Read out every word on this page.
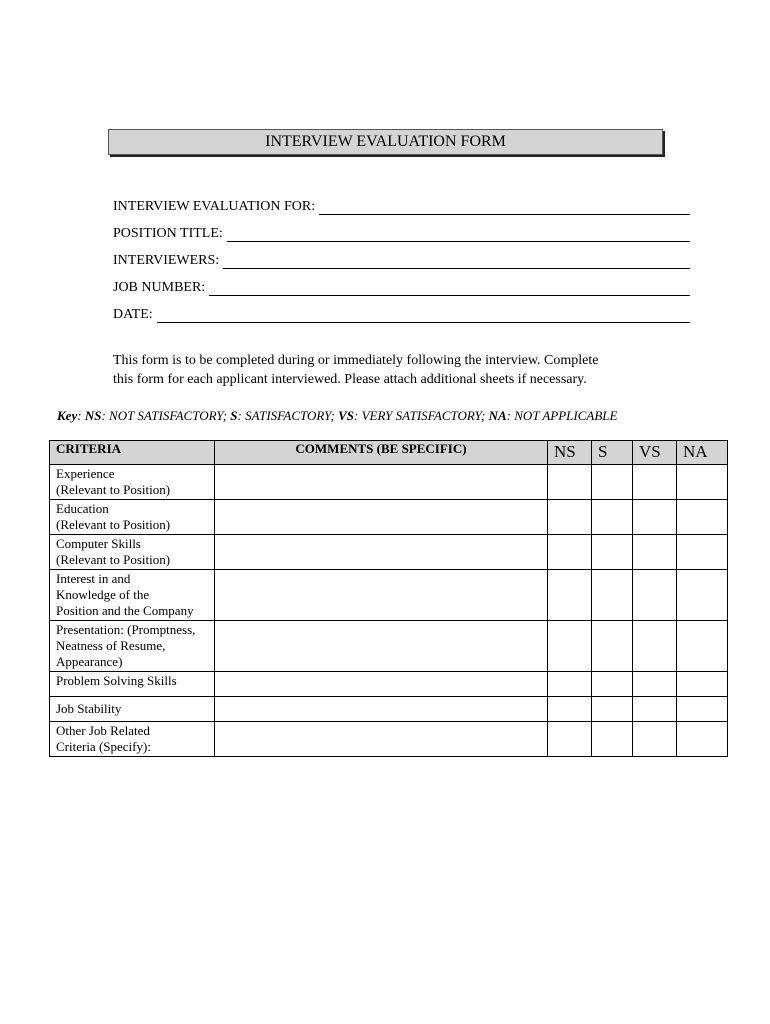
INTERVIEW EVALUATION FORM
INTERVIEW EVALUATION FOR:
POSITION TITLE:
INTERVIEWERS:
JOB NUMBER:
DATE:
This form is to be completed during or immediately following the interview. Complete
this form for each applicant interviewed. Please attach additional sheets if necessary.
Key: NS: NOT SATISFACTORY; S: SATISFACTORY; VS: VERY SATISFACTORY; NA: NOT APPLICABLE
CRITERIA	COMMENTS (BE SPECIFIC)	NS	S	VS	NA

Experience
(Relevant to Position)					

Education
(Relevant to Position)					

Computer Skills
(Relevant to Position)					

Interest in and
Knowledge of the
Position and the Company					

Presentation: (Promptness,
Neatness of Resume,
Appearance)					

Problem Solving Skills					

Job Stability					

Other Job Related
Criteria (Specify):					
